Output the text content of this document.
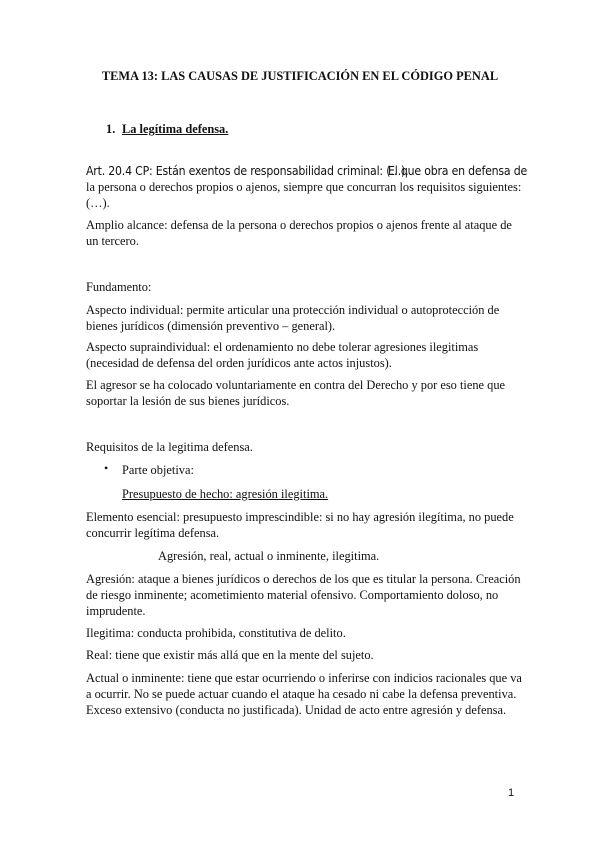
TEMA 13: LAS CAUSAS DE JUSTIFICACIÓN EN EL CÓDIGO PENAL
1. La legítima defensa.
Art. 20.4 CP: Están exentos de responsabilidad criminal: (…).
El que obra en defensa de
la persona o derechos propios o ajenos, siempre que concurran los requisitos siguientes:
(…).
Amplio alcance: defensa de la persona o derechos propios o ajenos frente al ataque de
un tercero.
Fundamento:
Aspecto individual: permite articular una protección individual o autoprotección de
bienes jurídicos (dimensión preventivo – general).
Aspecto supraindividual: el ordenamiento no debe tolerar agresiones ilegitimas
(necesidad de defensa del orden jurídicos ante actos injustos).
El agresor se ha colocado voluntariamente en contra del Derecho y por eso tiene que
soportar la lesión de sus bienes jurídicos.
Requisitos de la legitima defensa.
• Parte objetiva:
Presupuesto de hecho: agresión ilegitima.
Elemento esencial: presupuesto imprescindible: si no hay agresión ilegítima, no puede
concurrir legítima defensa.
Agresión, real, actual o inminente, ilegitima.
Agresión: ataque a bienes jurídicos o derechos de los que es titular la persona. Creación
de riesgo inminente; acometimiento material ofensivo. Comportamiento doloso, no
imprudente.
Ilegitima: conducta prohibida, constitutiva de delito.
Real: tiene que existir más allá que en la mente del sujeto.
Actual o inminente: tiene que estar ocurriendo o inferirse con indicios racionales que va
a ocurrir. No se puede actuar cuando el ataque ha cesado ni cabe la defensa preventiva.
Exceso extensivo (conducta no justificada). Unidad de acto entre agresión y defensa.
1
